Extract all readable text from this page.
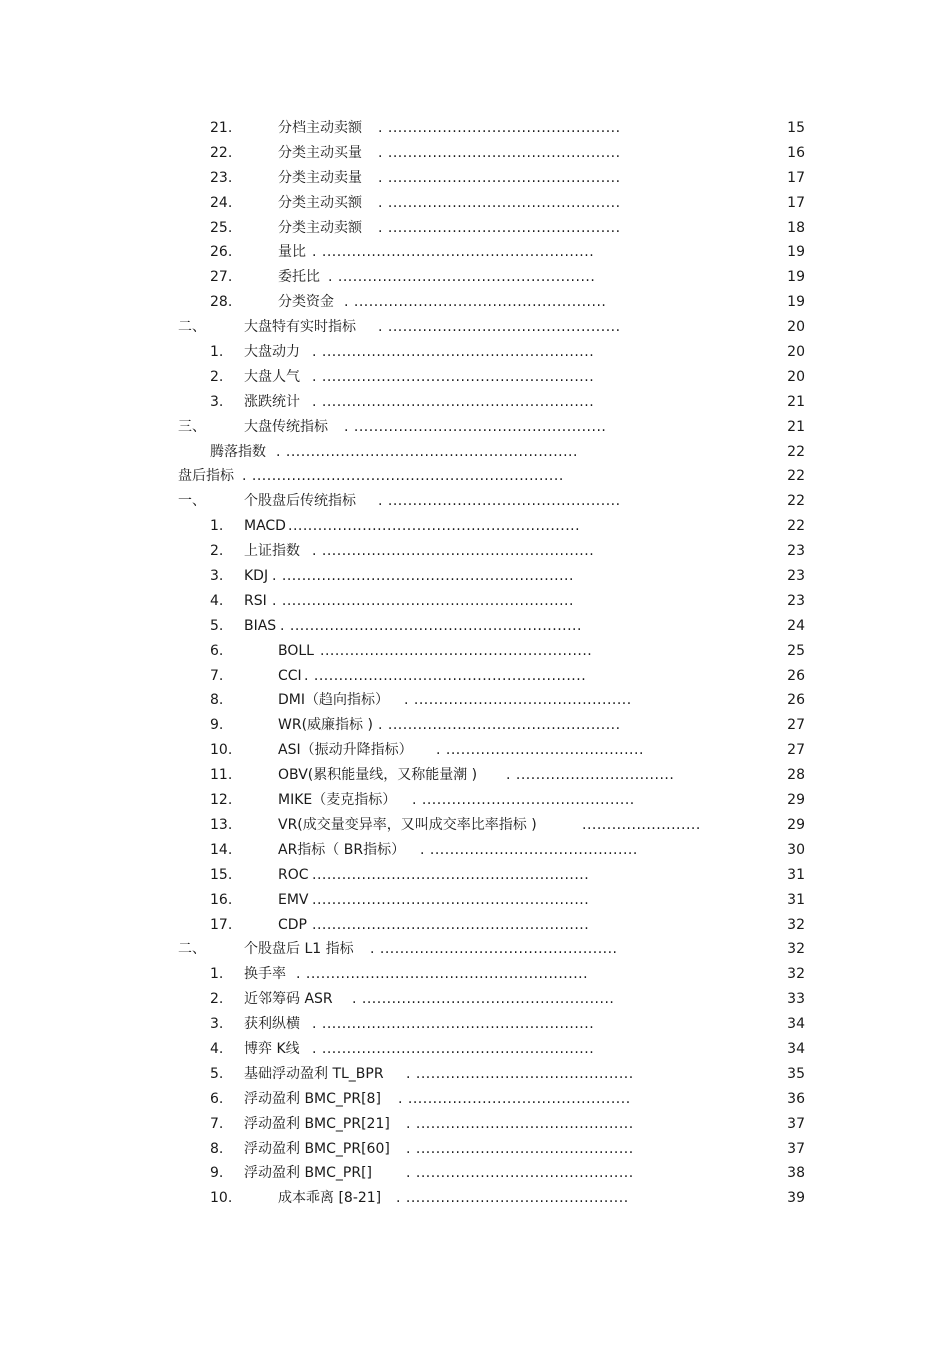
21.	分档主动卖额 . ...............................................	15
22.	分类主动买量 . ...............................................	16
23.	分类主动卖量 . ...............................................	17
24.	分类主动买额 . ...............................................	17
25.	分类主动卖额 . ...............................................	18
26.	量比 . .......................................................	19
27.	委托比 . ....................................................	19
28.	分类资金 . ...................................................	19
二、	大盘特有实时指标 . ...............................................	20
1. 大盘动力 . .......................................................	20
2. 大盘人气 . .......................................................	20
3. 涨跌统计 . .......................................................	21
三、	大盘传统指标 . ...................................................	21
腾落指数 . ...........................................................	22
盘后指标 . ...............................................................	22
一、	个股盘后传统指标 . ...............................................	22
1. MACD ...........................................................	22
2. 上证指数 . .......................................................	23
3. KDJ . ...........................................................	23
4. RSI . ...........................................................	23
5. BIAS . ...........................................................	24
6.	BOLL .......................................................	25
7.	CCI . .......................................................	26
8.	DMI（趋向指标） . ............................................	26
9.	WR(威廉指标 ) . ...............................................	27
10.	ASI（振动升降指标） . ........................................	27
11.	OBV(累积能量线，又称能量潮 ) . ................................	28
12.	MIKE（麦克指标） . ...........................................	29
13.	VR(成交量变异率，又叫成交率比率指标 )	........................	29
14.	AR指标（ BR指标） . ..........................................	30
15.	ROC ........................................................	31
16.	EMV ........................................................	31
17.	CDP ........................................................	32
二、	个股盘后 L1 指标 . ................................................	32
1. 换手率 . .........................................................	32
2. 近邻筹码 ASR . ...................................................	33
3. 获利纵横 . .......................................................	34
4. 博弈 K线 . .......................................................	34
5. 基础浮动盈利 TL_BPR . ............................................	35
6. 浮动盈利 BMC_PR[8] . .............................................	36
7. 浮动盈利 BMC_PR[21] . ............................................	37
8. 浮动盈利 BMC_PR[60] . ............................................	37
9. 浮动盈利 BMC_PR[] . ............................................	38
10.	成本乖离 [8-21] . .............................................	39
